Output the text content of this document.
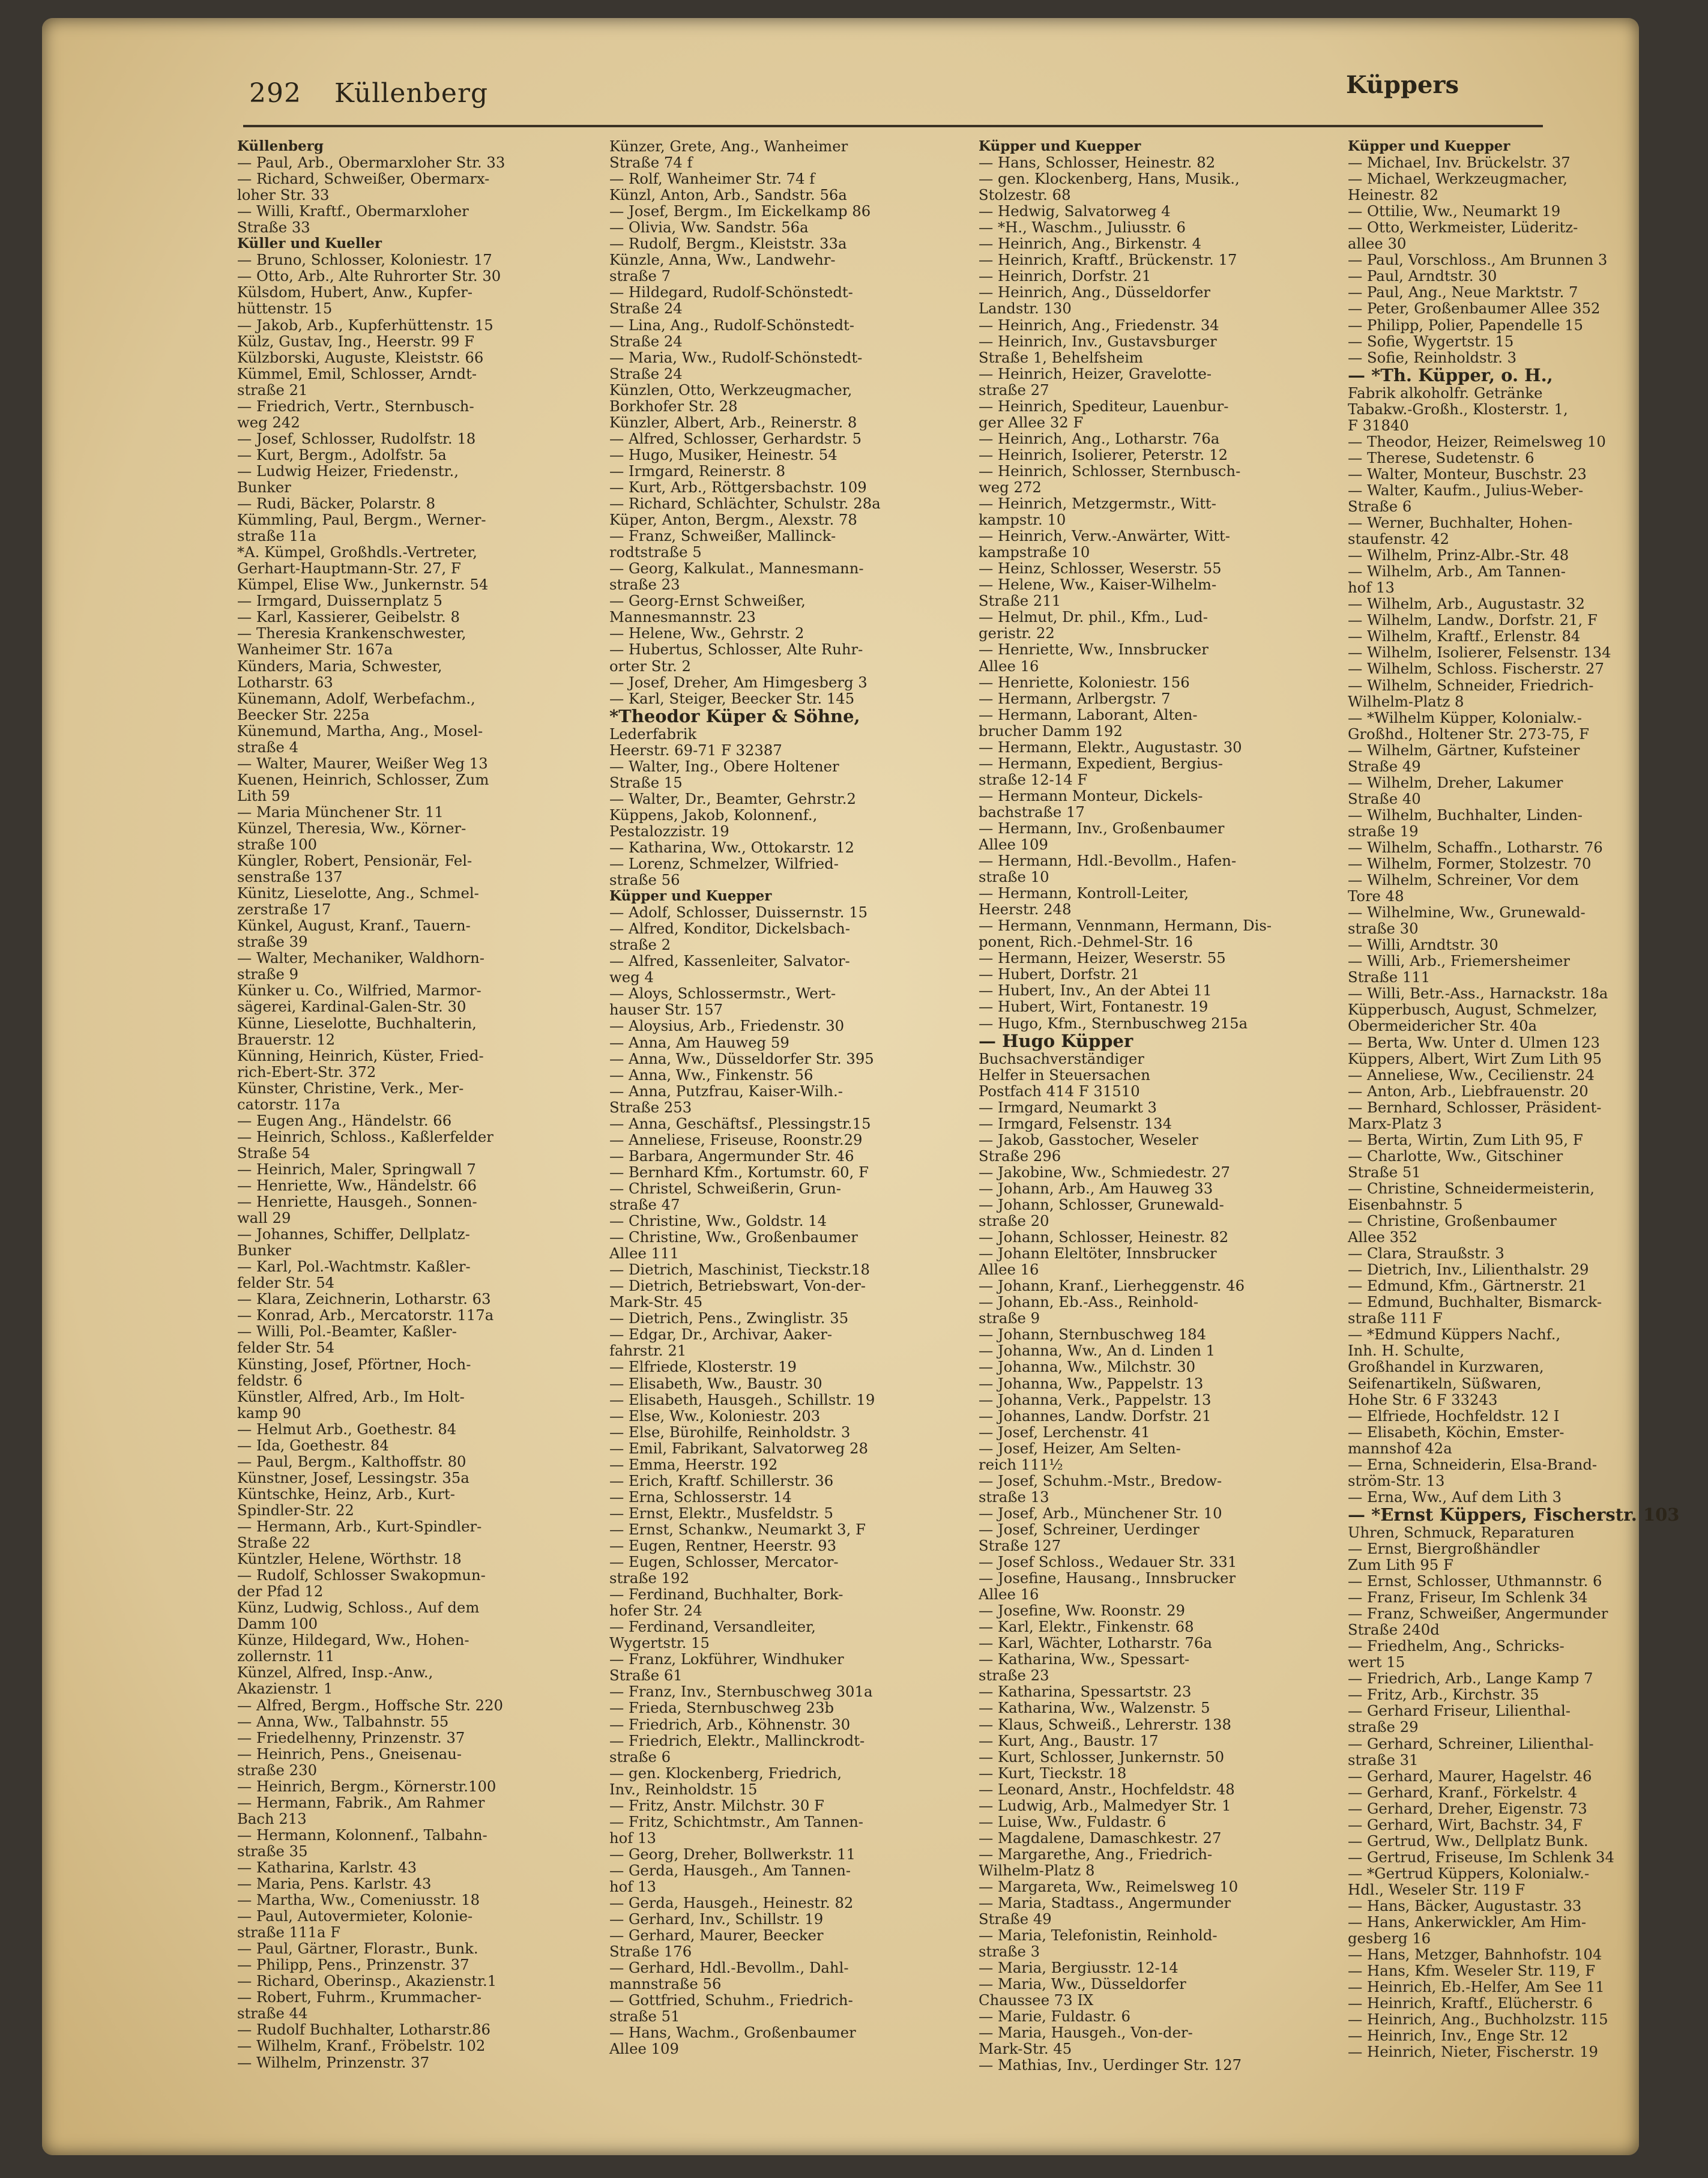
292 Küllenberg	Küppers
Küllenberg
— Paul, Arb., Obermarxloher Str. 33
— Richard, Schweißer, Obermarx-
loher Str. 33
— Willi, Kraftf., Obermarxloher
Straße 33
Küller und Kueller
— Bruno, Schlosser, Koloniestr. 17
— Otto, Arb., Alte Ruhrorter Str. 30
Külsdom, Hubert, Anw., Kupfer-
hüttenstr. 15
— Jakob, Arb., Kupferhüttenstr. 15
Külz, Gustav, Ing., Heerstr. 99 F
Külzborski, Auguste, Kleiststr. 66
Kümmel, Emil, Schlosser, Arndt-
straße 21
— Friedrich, Vertr., Sternbusch-
weg 242
— Josef, Schlosser, Rudolfstr. 18
— Kurt, Bergm., Adolfstr. 5a
— Ludwig Heizer, Friedenstr.,
Bunker
— Rudi, Bäcker, Polarstr. 8
Kümmling, Paul, Bergm., Werner-
straße 11a
*A. Kümpel, Großhdls.-Vertreter,
Gerhart-Hauptmann-Str. 27, F
Kümpel, Elise Ww., Junkernstr. 54
— Irmgard, Duissernplatz 5
— Karl, Kassierer, Geibelstr. 8
— Theresia Krankenschwester,
Wanheimer Str. 167a
Künders, Maria, Schwester,
Lotharstr. 63
Künemann, Adolf, Werbefachm.,
Beecker Str. 225a
Künemund, Martha, Ang., Mosel-
straße 4
— Walter, Maurer, Weißer Weg 13
Kuenen, Heinrich, Schlosser, Zum
Lith 59
— Maria Münchener Str. 11
Künzel, Theresia, Ww., Körner-
straße 100
Küngler, Robert, Pensionär, Fel-
senstraße 137
Künitz, Lieselotte, Ang., Schmel-
zerstraße 17
Künkel, August, Kranf., Tauern-
straße 39
— Walter, Mechaniker, Waldhorn-
straße 9
Künker u. Co., Wilfried, Marmor-
sägerei, Kardinal-Galen-Str. 30
Künne, Lieselotte, Buchhalterin,
Brauerstr. 12
Künning, Heinrich, Küster, Fried-
rich-Ebert-Str. 372
Künster, Christine, Verk., Mer-
catorstr. 117a
— Eugen Ang., Händelstr. 66
— Heinrich, Schloss., Kaßlerfelder
Straße 54
— Heinrich, Maler, Springwall 7
— Henriette, Ww., Händelstr. 66
— Henriette, Hausgeh., Sonnen-
wall 29
— Johannes, Schiffer, Dellplatz-
Bunker
— Karl, Pol.-Wachtmstr. Kaßler-
felder Str. 54
— Klara, Zeichnerin, Lotharstr. 63
— Konrad, Arb., Mercatorstr. 117a
— Willi, Pol.-Beamter, Kaßler-
felder Str. 54
Künsting, Josef, Pförtner, Hoch-
feldstr. 6
Künstler, Alfred, Arb., Im Holt-
kamp 90
— Helmut Arb., Goethestr. 84
— Ida, Goethestr. 84
— Paul, Bergm., Kalthoffstr. 80
Künstner, Josef, Lessingstr. 35a
Küntschke, Heinz, Arb., Kurt-
Spindler-Str. 22
— Hermann, Arb., Kurt-Spindler-
Straße 22
Küntzler, Helene, Wörthstr. 18
— Rudolf, Schlosser Swakopmun-
der Pfad 12
Künz, Ludwig, Schloss., Auf dem
Damm 100
Künze, Hildegard, Ww., Hohen-
zollernstr. 11
Künzel, Alfred, Insp.-Anw.,
Akazienstr. 1
— Alfred, Bergm., Hoffsche Str. 220
— Anna, Ww., Talbahnstr. 55
— Friedelhenny, Prinzenstr. 37
— Heinrich, Pens., Gneisenau-
straße 230
— Heinrich, Bergm., Körnerstr.100
— Hermann, Fabrik., Am Rahmer
Bach 213
— Hermann, Kolonnenf., Talbahn-
straße 35
— Katharina, Karlstr. 43
— Maria, Pens. Karlstr. 43
— Martha, Ww., Comeniusstr. 18
— Paul, Autovermieter, Kolonie-
straße 111a F
— Paul, Gärtner, Florastr., Bunk.
— Philipp, Pens., Prinzenstr. 37
— Richard, Oberinsp., Akazienstr.1
— Robert, Fuhrm., Krummacher-
straße 44
— Rudolf Buchhalter, Lotharstr.86
— Wilhelm, Kranf., Fröbelstr. 102
— Wilhelm, Prinzenstr. 37
Künzer, Grete, Ang., Wanheimer
Straße 74 f
— Rolf, Wanheimer Str. 74 f
Künzl, Anton, Arb., Sandstr. 56a
— Josef, Bergm., Im Eickelkamp 86
— Olivia, Ww. Sandstr. 56a
— Rudolf, Bergm., Kleiststr. 33a
Künzle, Anna, Ww., Landwehr-
straße 7
— Hildegard, Rudolf-Schönstedt-
Straße 24
— Lina, Ang., Rudolf-Schönstedt-
Straße 24
— Maria, Ww., Rudolf-Schönstedt-
Straße 24
Künzlen, Otto, Werkzeugmacher,
Borkhofer Str. 28
Künzler, Albert, Arb., Reinerstr. 8
— Alfred, Schlosser, Gerhardstr. 5
— Hugo, Musiker, Heinestr. 54
— Irmgard, Reinerstr. 8
— Kurt, Arb., Röttgersbachstr. 109
— Richard, Schlächter, Schulstr. 28a
Küper, Anton, Bergm., Alexstr. 78
— Franz, Schweißer, Mallinck-
rodtstraße 5
— Georg, Kalkulat., Mannesmann-
straße 23
— Georg-Ernst Schweißer,
Mannesmannstr. 23
— Helene, Ww., Gehrstr. 2
— Hubertus, Schlosser, Alte Ruhr-
orter Str. 2
— Josef, Dreher, Am Himgesberg 3
— Karl, Steiger, Beecker Str. 145
*Theodor Küper & Söhne,
Lederfabrik
Heerstr. 69-71 F 32387
— Walter, Ing., Obere Holtener
Straße 15
— Walter, Dr., Beamter, Gehrstr.2
Küppens, Jakob, Kolonnenf.,
Pestalozzistr. 19
— Katharina, Ww., Ottokarstr. 12
— Lorenz, Schmelzer, Wilfried-
straße 56
Küpper und Kuepper
— Adolf, Schlosser, Duissernstr. 15
— Alfred, Konditor, Dickelsbach-
straße 2
— Alfred, Kassenleiter, Salvator-
weg 4
— Aloys, Schlossermstr., Wert-
hauser Str. 157
— Aloysius, Arb., Friedenstr. 30
— Anna, Am Hauweg 59
— Anna, Ww., Düsseldorfer Str. 395
— Anna, Ww., Finkenstr. 56
— Anna, Putzfrau, Kaiser-Wilh.-
Straße 253
— Anna, Geschäftsf., Plessingstr.15
— Anneliese, Friseuse, Roonstr.29
— Barbara, Angermunder Str. 46
— Bernhard Kfm., Kortumstr. 60, F
— Christel, Schweißerin, Grun-
straße 47
— Christine, Ww., Goldstr. 14
— Christine, Ww., Großenbaumer
Allee 111
— Dietrich, Maschinist, Tieckstr.18
— Dietrich, Betriebswart, Von-der-
Mark-Str. 45
— Dietrich, Pens., Zwinglistr. 35
— Edgar, Dr., Archivar, Aaker-
fahrstr. 21
— Elfriede, Klosterstr. 19
— Elisabeth, Ww., Baustr. 30
— Elisabeth, Hausgeh., Schillstr. 19
— Else, Ww., Koloniestr. 203
— Else, Bürohilfe, Reinholdstr. 3
— Emil, Fabrikant, Salvatorweg 28
— Emma, Heerstr. 192
— Erich, Kraftf. Schillerstr. 36
— Erna, Schlosserstr. 14
— Ernst, Elektr., Musfeldstr. 5
— Ernst, Schankw., Neumarkt 3, F
— Eugen, Rentner, Heerstr. 93
— Eugen, Schlosser, Mercator-
straße 192
— Ferdinand, Buchhalter, Bork-
hofer Str. 24
— Ferdinand, Versandleiter,
Wygertstr. 15
— Franz, Lokführer, Windhuker
Straße 61
— Franz, Inv., Sternbuschweg 301a
— Frieda, Sternbuschweg 23b
— Friedrich, Arb., Köhnenstr. 30
— Friedrich, Elektr., Mallinckrodt-
straße 6
— gen. Klockenberg, Friedrich,
Inv., Reinholdstr. 15
— Fritz, Anstr. Milchstr. 30 F
— Fritz, Schichtmstr., Am Tannen-
hof 13
— Georg, Dreher, Bollwerkstr. 11
— Gerda, Hausgeh., Am Tannen-
hof 13
— Gerda, Hausgeh., Heinestr. 82
— Gerhard, Inv., Schillstr. 19
— Gerhard, Maurer, Beecker
Straße 176
— Gerhard, Hdl.-Bevollm., Dahl-
mannstraße 56
— Gottfried, Schuhm., Friedrich-
straße 51
— Hans, Wachm., Großenbaumer
Allee 109
Küpper und Kuepper
— Hans, Schlosser, Heinestr. 82
— gen. Klockenberg, Hans, Musik.,
Stolzestr. 68
— Hedwig, Salvatorweg 4
— *H., Waschm., Juliusstr. 6
— Heinrich, Ang., Birkenstr. 4
— Heinrich, Kraftf., Brückenstr. 17
— Heinrich, Dorfstr. 21
— Heinrich, Ang., Düsseldorfer
Landstr. 130
— Heinrich, Ang., Friedenstr. 34
— Heinrich, Inv., Gustavsburger
Straße 1, Behelfsheim
— Heinrich, Heizer, Gravelotte-
straße 27
— Heinrich, Spediteur, Lauenbur-
ger Allee 32 F
— Heinrich, Ang., Lotharstr. 76a
— Heinrich, Isolierer, Peterstr. 12
— Heinrich, Schlosser, Sternbusch-
weg 272
— Heinrich, Metzgermstr., Witt-
kampstr. 10
— Heinrich, Verw.-Anwärter, Witt-
kampstraße 10
— Heinz, Schlosser, Weserstr. 55
— Helene, Ww., Kaiser-Wilhelm-
Straße 211
— Helmut, Dr. phil., Kfm., Lud-
geristr. 22
— Henriette, Ww., Innsbrucker
Allee 16
— Henriette, Koloniestr. 156
— Hermann, Arlbergstr. 7
— Hermann, Laborant, Alten-
brucher Damm 192
— Hermann, Elektr., Augustastr. 30
— Hermann, Expedient, Bergius-
straße 12-14 F
— Hermann Monteur, Dickels-
bachstraße 17
— Hermann, Inv., Großenbaumer
Allee 109
— Hermann, Hdl.-Bevollm., Hafen-
straße 10
— Hermann, Kontroll-Leiter,
Heerstr. 248
— Hermann, Vennmann, Hermann, Dis-
ponent, Rich.-Dehmel-Str. 16
— Hermann, Heizer, Weserstr. 55
— Hubert, Dorfstr. 21
— Hubert, Inv., An der Abtei 11
— Hubert, Wirt, Fontanestr. 19
— Hugo, Kfm., Sternbuschweg 215a
— Hugo Küpper
Buchsachverständiger
Helfer in Steuersachen
Postfach 414 F 31510
— Irmgard, Neumarkt 3
— Irmgard, Felsenstr. 134
— Jakob, Gasstocher, Weseler
Straße 296
— Jakobine, Ww., Schmiedestr. 27
— Johann, Arb., Am Hauweg 33
— Johann, Schlosser, Grunewald-
straße 20
— Johann, Schlosser, Heinestr. 82
— Johann Eleltöter, Innsbrucker
Allee 16
— Johann, Kranf., Lierheggenstr. 46
— Johann, Eb.-Ass., Reinhold-
straße 9
— Johann, Sternbuschweg 184
— Johanna, Ww., An d. Linden 1
— Johanna, Ww., Milchstr. 30
— Johanna, Ww., Pappelstr. 13
— Johanna, Verk., Pappelstr. 13
— Johannes, Landw. Dorfstr. 21
— Josef, Lerchenstr. 41
— Josef, Heizer, Am Selten-
reich 111½
— Josef, Schuhm.-Mstr., Bredow-
straße 13
— Josef, Arb., Münchener Str. 10
— Josef, Schreiner, Uerdinger
Straße 127
— Josef Schloss., Wedauer Str. 331
— Josefine, Hausang., Innsbrucker
Allee 16
— Josefine, Ww. Roonstr. 29
— Karl, Elektr., Finkenstr. 68
— Karl, Wächter, Lotharstr. 76a
— Katharina, Ww., Spessart-
straße 23
— Katharina, Spessartstr. 23
— Katharina, Ww., Walzenstr. 5
— Klaus, Schweiß., Lehrerstr. 138
— Kurt, Ang., Baustr. 17
— Kurt, Schlosser, Junkernstr. 50
— Kurt, Tieckstr. 18
— Leonard, Anstr., Hochfeldstr. 48
— Ludwig, Arb., Malmedyer Str. 1
— Luise, Ww., Fuldastr. 6
— Magdalene, Damaschkestr. 27
— Margarethe, Ang., Friedrich-
Wilhelm-Platz 8
— Margareta, Ww., Reimelsweg 10
— Maria, Stadtass., Angermunder
Straße 49
— Maria, Telefonistin, Reinhold-
straße 3
— Maria, Bergiusstr. 12-14
— Maria, Ww., Düsseldorfer
Chaussee 73 IX
— Marie, Fuldastr. 6
— Maria, Hausgeh., Von-der-
Mark-Str. 45
— Mathias, Inv., Uerdinger Str. 127
Küpper und Kuepper
— Michael, Inv. Brückelstr. 37
— Michael, Werkzeugmacher,
Heinestr. 82
— Ottilie, Ww., Neumarkt 19
— Otto, Werkmeister, Lüderitz-
allee 30
— Paul, Vorschloss., Am Brunnen 3
— Paul, Arndtstr. 30
— Paul, Ang., Neue Marktstr. 7
— Peter, Großenbaumer Allee 352
— Philipp, Polier, Papendelle 15
— Sofie, Wygertstr. 15
— Sofie, Reinholdstr. 3
— *Th. Küpper, o. H.,
Fabrik alkoholfr. Getränke
Tabakw.-Großh., Klosterstr. 1,
F 31840
— Theodor, Heizer, Reimelsweg 10
— Therese, Sudetenstr. 6
— Walter, Monteur, Buschstr. 23
— Walter, Kaufm., Julius-Weber-
Straße 6
— Werner, Buchhalter, Hohen-
staufenstr. 42
— Wilhelm, Prinz-Albr.-Str. 48
— Wilhelm, Arb., Am Tannen-
hof 13
— Wilhelm, Arb., Augustastr. 32
— Wilhelm, Landw., Dorfstr. 21, F
— Wilhelm, Kraftf., Erlenstr. 84
— Wilhelm, Isolierer, Felsenstr. 134
— Wilhelm, Schloss. Fischerstr. 27
— Wilhelm, Schneider, Friedrich-
Wilhelm-Platz 8
— *Wilhelm Küpper, Kolonialw.-
Großhd., Holtener Str. 273-75, F
— Wilhelm, Gärtner, Kufsteiner
Straße 49
— Wilhelm, Dreher, Lakumer
Straße 40
— Wilhelm, Buchhalter, Linden-
straße 19
— Wilhelm, Schaffn., Lotharstr. 76
— Wilhelm, Former, Stolzestr. 70
— Wilhelm, Schreiner, Vor dem
Tore 48
— Wilhelmine, Ww., Grunewald-
straße 30
— Willi, Arndtstr. 30
— Willi, Arb., Friemersheimer
Straße 111
— Willi, Betr.-Ass., Harnackstr. 18a
Küpperbusch, August, Schmelzer,
Obermeidericher Str. 40a
— Berta, Ww. Unter d. Ulmen 123
Küppers, Albert, Wirt Zum Lith 95
— Anneliese, Ww., Cecilienstr. 24
— Anton, Arb., Liebfrauenstr. 20
— Bernhard, Schlosser, Präsident-
Marx-Platz 3
— Berta, Wirtin, Zum Lith 95, F
— Charlotte, Ww., Gitschiner
Straße 51
— Christine, Schneidermeisterin,
Eisenbahnstr. 5
— Christine, Großenbaumer
Allee 352
— Clara, Straußstr. 3
— Dietrich, Inv., Lilienthalstr. 29
— Edmund, Kfm., Gärtnerstr. 21
— Edmund, Buchhalter, Bismarck-
straße 111 F
— *Edmund Küppers Nachf.,
Inh. H. Schulte,
Großhandel in Kurzwaren,
Seifenartikeln, Süßwaren,
Hohe Str. 6 F 33243
— Elfriede, Hochfeldstr. 12 I
— Elisabeth, Köchin, Emster-
mannshof 42a
— Erna, Schneiderin, Elsa-Brand-
ström-Str. 13
— Erna, Ww., Auf dem Lith 3
— *Ernst Küppers, Fischerstr. 103
Uhren, Schmuck, Reparaturen
— Ernst, Biergroßhändler
Zum Lith 95 F
— Ernst, Schlosser, Uthmannstr. 6
— Franz, Friseur, Im Schlenk 34
— Franz, Schweißer, Angermunder
Straße 240d
— Friedhelm, Ang., Schricks-
wert 15
— Friedrich, Arb., Lange Kamp 7
— Fritz, Arb., Kirchstr. 35
— Gerhard Friseur, Lilienthal-
straße 29
— Gerhard, Schreiner, Lilienthal-
straße 31
— Gerhard, Maurer, Hagelstr. 46
— Gerhard, Kranf., Förkelstr. 4
— Gerhard, Dreher, Eigenstr. 73
— Gerhard, Wirt, Bachstr. 34, F
— Gertrud, Ww., Dellplatz Bunk.
— Gertrud, Friseuse, Im Schlenk 34
— *Gertrud Küppers, Kolonialw.-
Hdl., Weseler Str. 119 F
— Hans, Bäcker, Augustastr. 33
— Hans, Ankerwickler, Am Him-
gesberg 16
— Hans, Metzger, Bahnhofstr. 104
— Hans, Kfm. Weseler Str. 119, F
— Heinrich, Eb.-Helfer, Am See 11
— Heinrich, Kraftf., Elücherstr. 6
— Heinrich, Ang., Buchholzstr. 115
— Heinrich, Inv., Enge Str. 12
— Heinrich, Nieter, Fischerstr. 19
